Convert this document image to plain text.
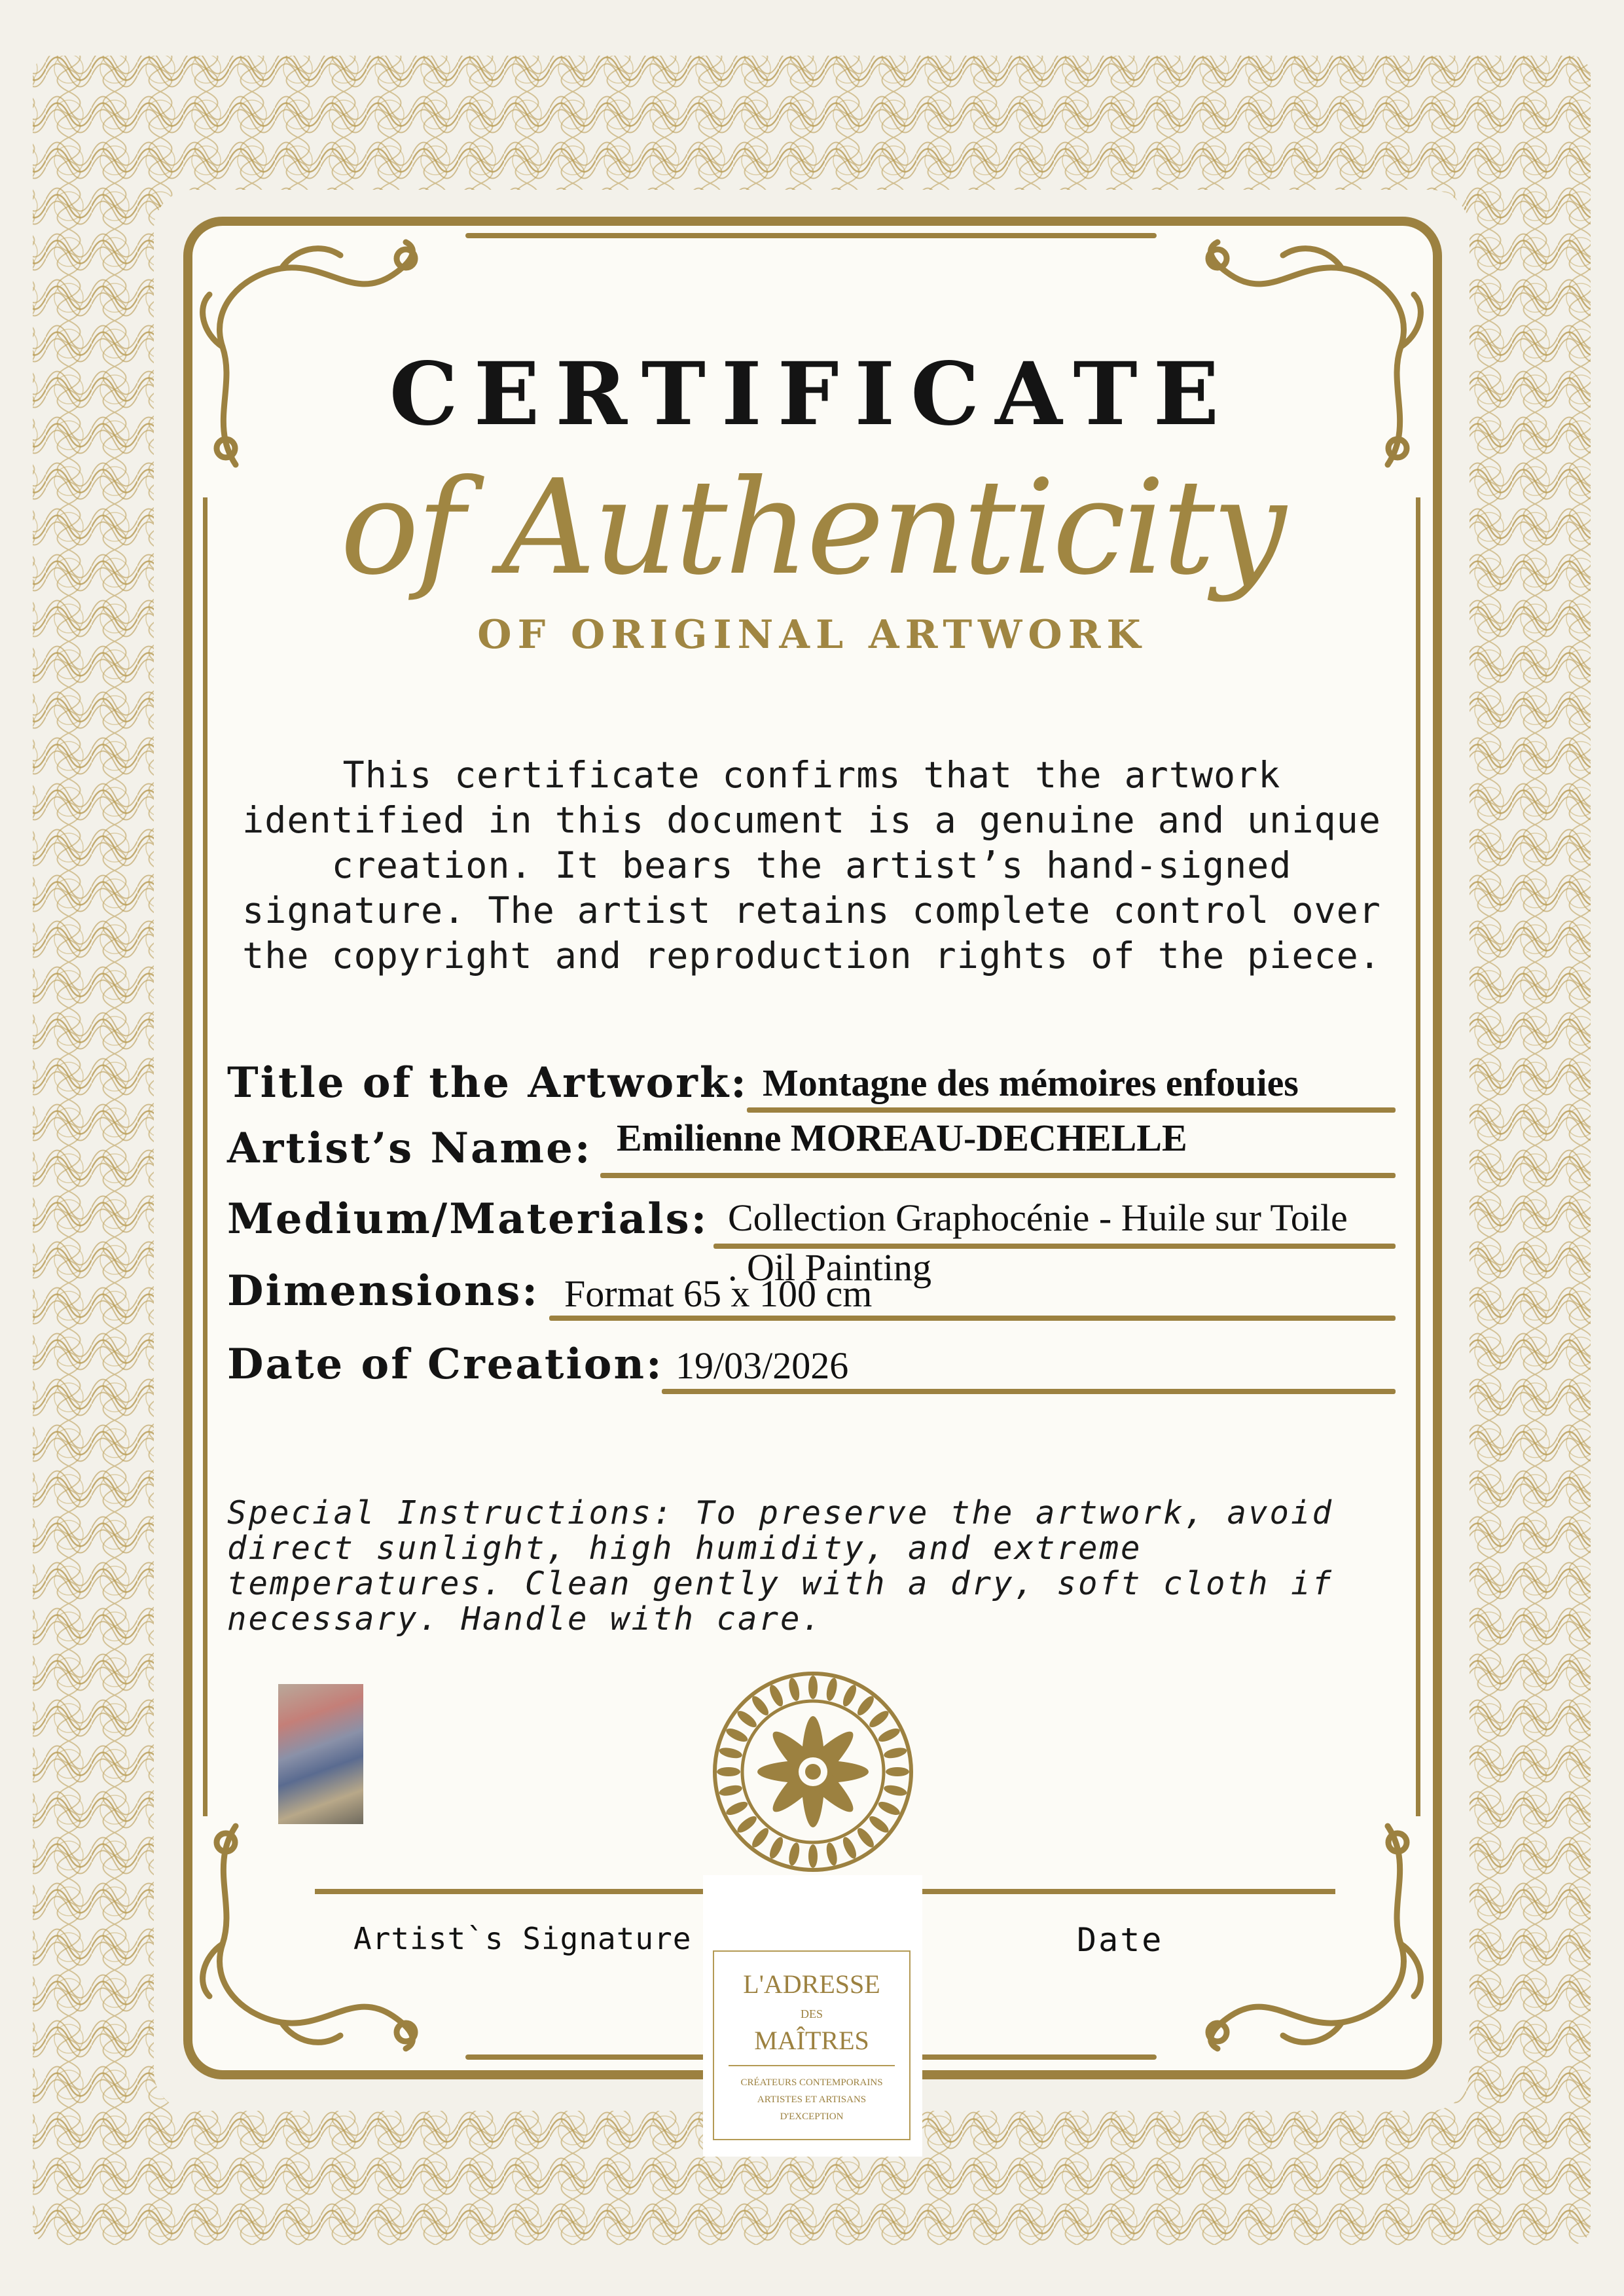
CERTIFICATE
of Authenticity
OF ORIGINAL ARTWORK
This certificate confirms that the artwork identified in this document is a genuine and unique creation. It bears the artist’s hand-signed signature. The artist retains complete control over the copyright and reproduction rights of the piece.
Title of the Artwork: Montagne des mémoires enfouies
Artist’s Name: Emilienne MOREAU-DECHELLE
Medium/Materials: Collection Graphocénie - Huile sur Toile
. Oil Painting
Dimensions: Format 65 x 100 cm
Date of Creation: 19/03/2026
Special Instructions: To preserve the artwork, avoid direct sunlight, high humidity, and extreme temperatures. Clean gently with a dry, soft cloth if necessary. Handle with care.
Artist`s Signature	Date
L'ADRESSE
DES
MAÎTRES
CRÉATEURS CONTEMPORAINS
ARTISTES ET ARTISANS
D'EXCEPTION
